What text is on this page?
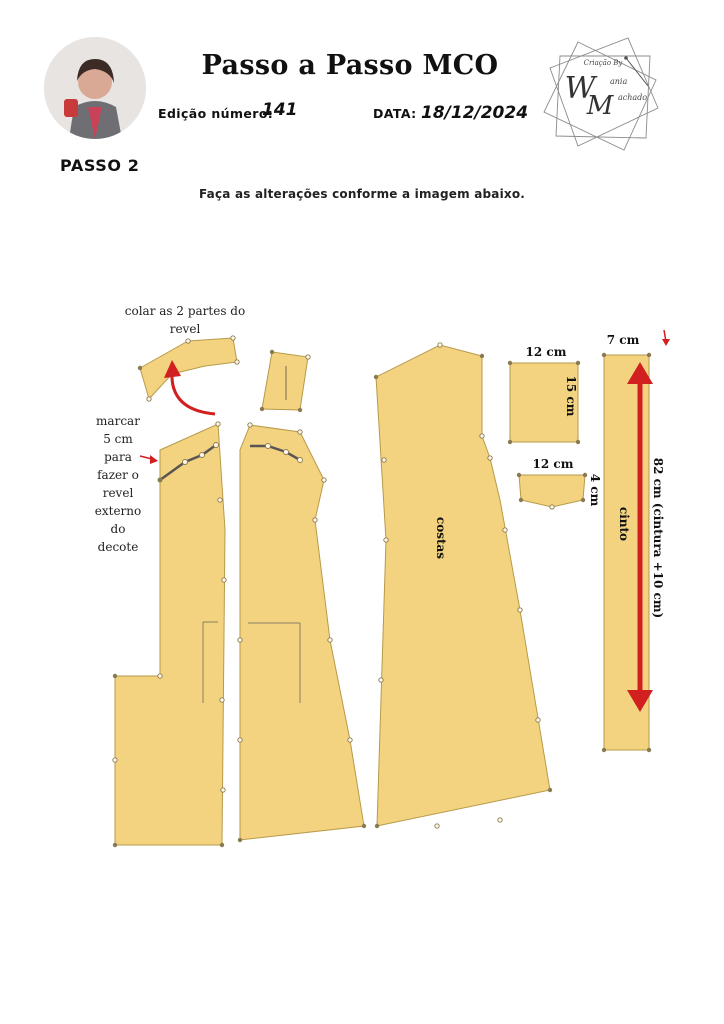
Passo a Passo MCO
Edição número:
141	DATA: 18/12/2024
Criação By
W
M
ania
achado
PASSO 2
Faça as alterações conforme a imagem abaixo.
colar as 2 partes do
revel
marcar
5 cm
para
fazer o
revel
externo
do
decote	costas	cinto
12 cm
15 cm
12 cm
4 cm
7 cm
82 cm (cintura +10 cm)
